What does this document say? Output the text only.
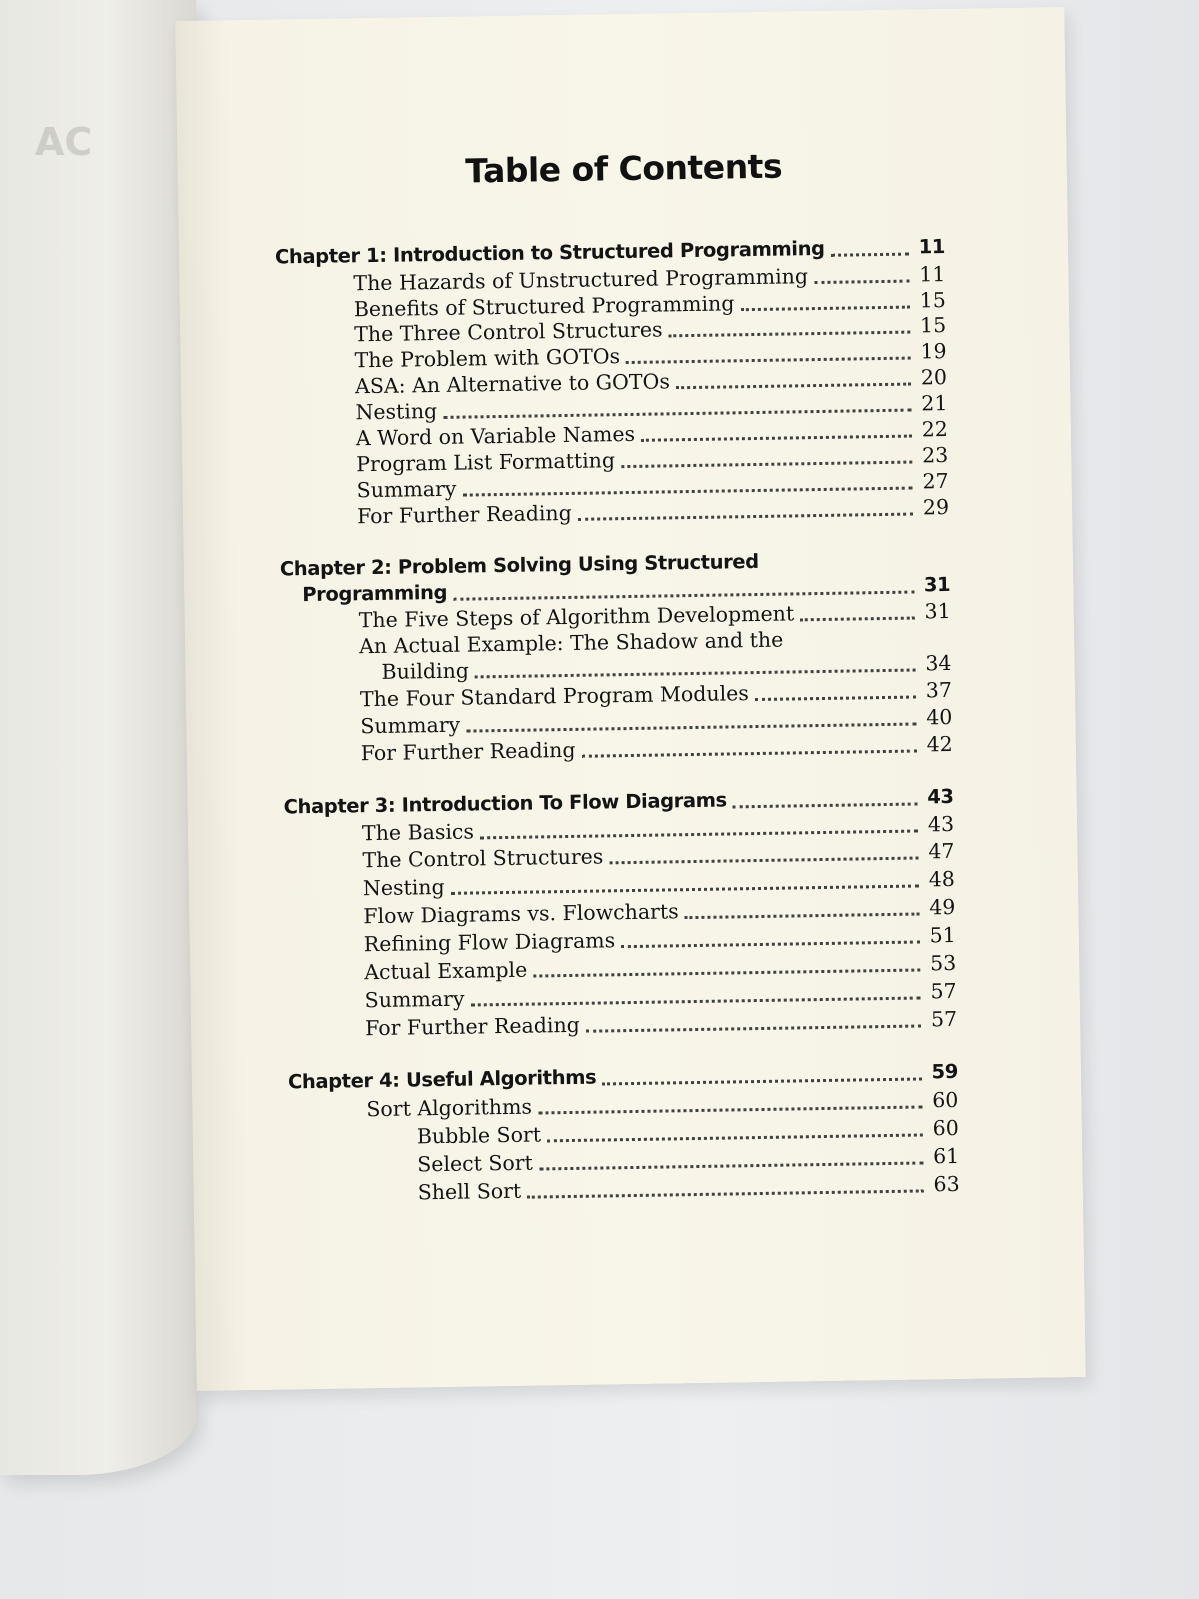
AC
Table of Contents
Chapter 1: Introduction to Structured Programming	11
The Hazards of Unstructured Programming	11
Benefits of Structured Programming	15
The Three Control Structures	15
The Problem with GOTOs	19
ASA: An Alternative to GOTOs	20
Nesting	21
A Word on Variable Names	22
Program List Formatting	23
Summary	27
For Further Reading	29
Chapter 2: Problem Solving Using Structured
Programming	31
The Five Steps of Algorithm Development	31
An Actual Example: The Shadow and the
Building	34
The Four Standard Program Modules	37
Summary	40
For Further Reading	42
Chapter 3: Introduction To Flow Diagrams	43
The Basics	43
The Control Structures	47
Nesting	48
Flow Diagrams vs. Flowcharts	49
Refining Flow Diagrams	51
Actual Example	53
Summary	57
For Further Reading	57
Chapter 4: Useful Algorithms	59
Sort Algorithms	60
Bubble Sort	60
Select Sort	61
Shell Sort	63
